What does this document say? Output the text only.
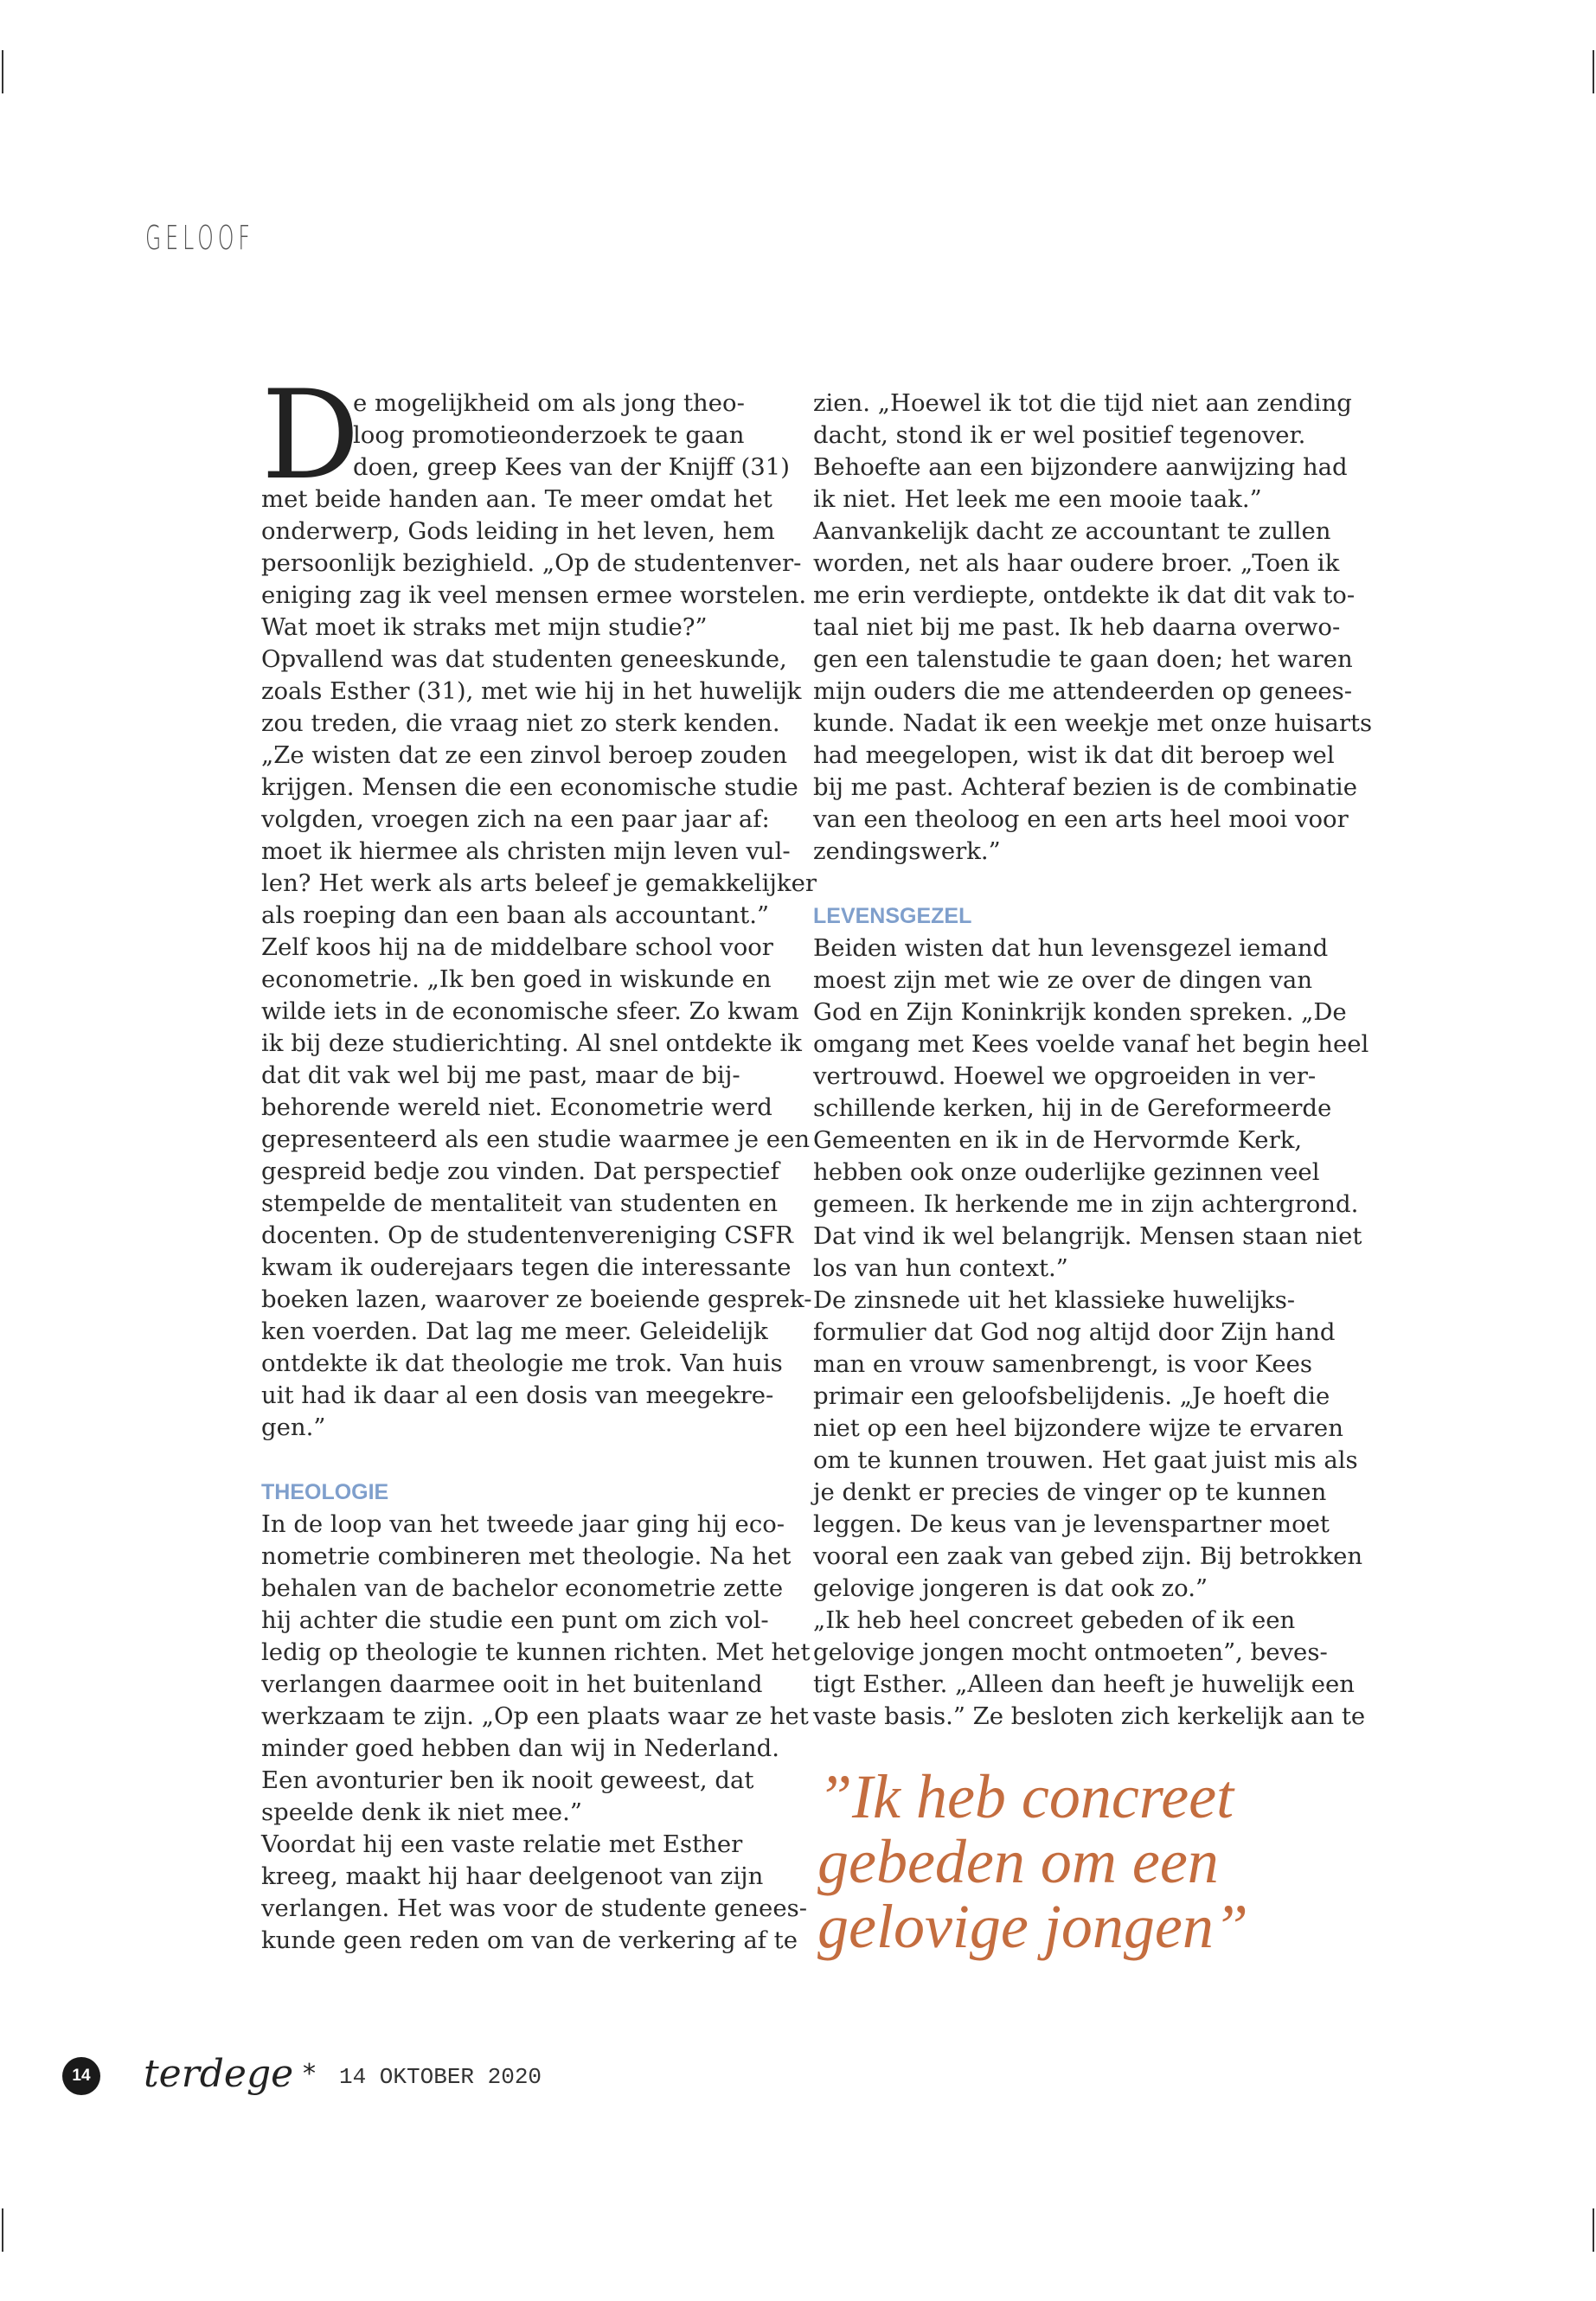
GELOOF
D
e mogelijkheid om als jong theo-
loog promotieonderzoek te gaan
doen, greep Kees van der Knijff (31)
met beide handen aan. Te meer omdat het
onderwerp, Gods leiding in het leven, hem
persoonlijk bezighield. „Op de studentenver-
eniging zag ik veel mensen ermee worstelen.
Wat moet ik straks met mijn studie?”
Opvallend was dat studenten geneeskunde,
zoals Esther (31), met wie hij in het huwelijk
zou treden, die vraag niet zo sterk kenden.
„Ze wisten dat ze een zinvol beroep zouden
krijgen. Mensen die een economische studie
volgden, vroegen zich na een paar jaar af:
moet ik hiermee als christen mijn leven vul-
len? Het werk als arts beleef je gemakkelijker
als roeping dan een baan als accountant.”
Zelf koos hij na de middelbare school voor
econometrie. „Ik ben goed in wiskunde en
wilde iets in de economische sfeer. Zo kwam
ik bij deze studierichting. Al snel ontdekte ik
dat dit vak wel bij me past, maar de bij-
behorende wereld niet. Econometrie werd
gepresenteerd als een studie waarmee je een
gespreid bedje zou vinden. Dat perspectief
stempelde de mentaliteit van studenten en
docenten. Op de studentenvereniging CSFR
kwam ik ouderejaars tegen die interessante
boeken lazen, waarover ze boeiende gesprek-
ken voerden. Dat lag me meer. Geleidelijk
ontdekte ik dat theologie me trok. Van huis
uit had ik daar al een dosis van meegekre-
gen.”
THEOLOGIE
In de loop van het tweede jaar ging hij eco-
nometrie combineren met theologie. Na het
behalen van de bachelor econometrie zette
hij achter die studie een punt om zich vol-
ledig op theologie te kunnen richten. Met het
verlangen daarmee ooit in het buitenland
werkzaam te zijn. „Op een plaats waar ze het
minder goed hebben dan wij in Nederland.
Een avonturier ben ik nooit geweest, dat
speelde denk ik niet mee.”
Voordat hij een vaste relatie met Esther
kreeg, maakt hij haar deelgenoot van zijn
verlangen. Het was voor de studente genees-
kunde geen reden om van de verkering af te
zien. „Hoewel ik tot die tijd niet aan zending
dacht, stond ik er wel positief tegenover.
Behoefte aan een bijzondere aanwijzing had
ik niet. Het leek me een mooie taak.”
Aanvankelijk dacht ze accountant te zullen
worden, net als haar oudere broer. „Toen ik
me erin verdiepte, ontdekte ik dat dit vak to-
taal niet bij me past. Ik heb daarna overwo-
gen een talenstudie te gaan doen; het waren
mijn ouders die me attendeerden op genees-
kunde. Nadat ik een weekje met onze huisarts
had meegelopen, wist ik dat dit beroep wel
bij me past. Achteraf bezien is de combinatie
van een theoloog en een arts heel mooi voor
zendingswerk.”
LEVENSGEZEL
Beiden wisten dat hun levensgezel iemand
moest zijn met wie ze over de dingen van
God en Zijn Koninkrijk konden spreken. „De
omgang met Kees voelde vanaf het begin heel
vertrouwd. Hoewel we opgroeiden in ver-
schillende kerken, hij in de Gereformeerde
Gemeenten en ik in de Hervormde Kerk,
hebben ook onze ouderlijke gezinnen veel
gemeen. Ik herkende me in zijn achtergrond.
Dat vind ik wel belangrijk. Mensen staan niet
los van hun context.”
De zinsnede uit het klassieke huwelijks-
formulier dat God nog altijd door Zijn hand
man en vrouw samenbrengt, is voor Kees
primair een geloofsbelijdenis. „Je hoeft die
niet op een heel bijzondere wijze te ervaren
om te kunnen trouwen. Het gaat juist mis als
je denkt er precies de vinger op te kunnen
leggen. De keus van je levenspartner moet
vooral een zaak van gebed zijn. Bij betrokken
gelovige jongeren is dat ook zo.”
„Ik heb heel concreet gebeden of ik een
gelovige jongen mocht ontmoeten”, beves-
tigt Esther. „Alleen dan heeft je huwelijk een
vaste basis.” Ze besloten zich kerkelijk aan te
”Ik heb concreet
gebeden om een
gelovige jongen”
14 terdege * 14 OKTOBER 2020
